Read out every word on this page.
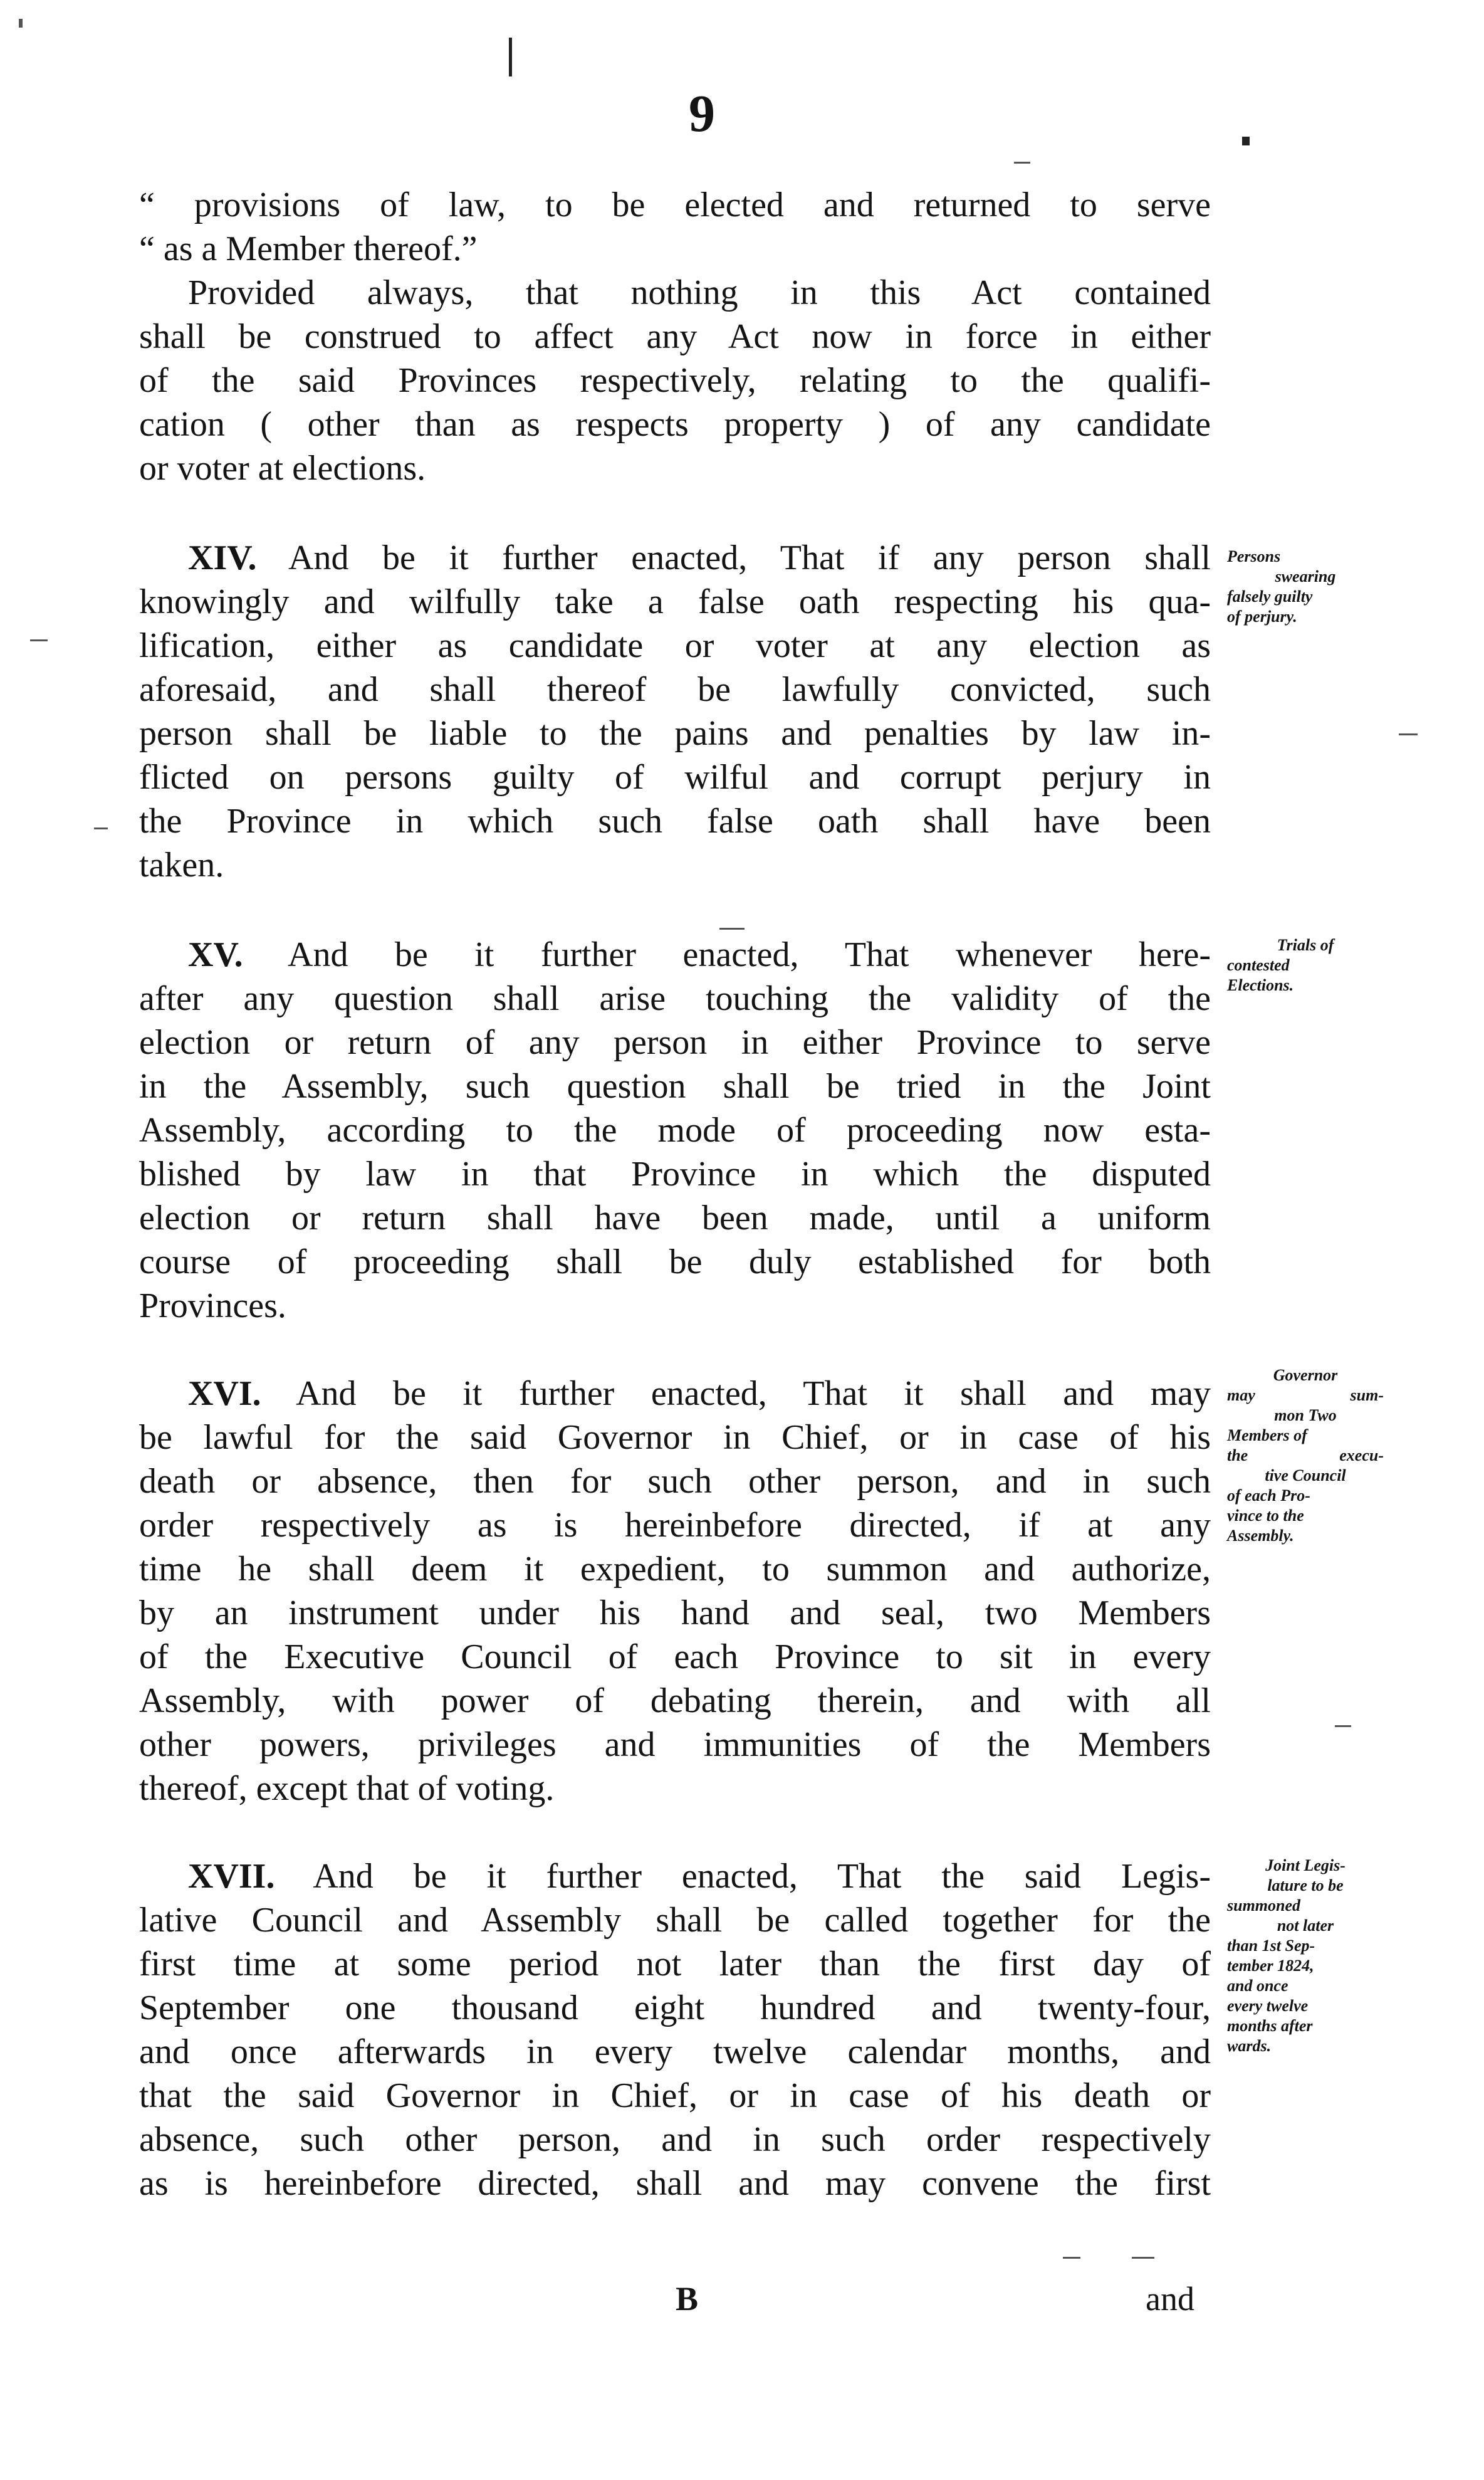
9
“ provisions of law, to be elected and returned to serve
“ as a Member thereof.”
Provided always, that nothing in this Act contained
shall be construed to affect any Act now in force in either
of the said Provinces respectively, relating to the qualifi-
cation ( other than as respects property ) of any candidate
or voter at elections.
XIV. And be it further enacted, That if any person shall
knowingly and wilfully take a false oath respecting his qua-
lification, either as candidate or voter at any election as
aforesaid, and shall thereof be lawfully convicted, such
person shall be liable to the pains and penalties by law in-
flicted on persons guilty of wilful and corrupt perjury in
the Province in which such false oath shall have been
taken.
Persons
swearing
falsely guilty
of perjury.
XV. And be it further enacted, That whenever here-
after any question shall arise touching the validity of the
election or return of any person in either Province to serve
in the Assembly, such question shall be tried in the Joint
Assembly, according to the mode of proceeding now esta-
blished by law in that Province in which the disputed
election or return shall have been made, until a uniform
course of proceeding shall be duly established for both
Provinces.
Trials of
contested
Elections.
XVI. And be it further enacted, That it shall and may
be lawful for the said Governor in Chief, or in case of his
death or absence, then for such other person, and in such
order respectively as is hereinbefore directed, if at any
time he shall deem it expedient, to summon and authorize,
by an instrument under his hand and seal, two Members
of the Executive Council of each Province to sit in every
Assembly, with power of debating therein, and with all
other powers, privileges and immunities of the Members
thereof, except that of voting.
Governor
may sum-
mon Two
Members of
the execu-
tive Council
of each Pro-
vince to the
Assembly.
XVII. And be it further enacted, That the said Legis-
lative Council and Assembly shall be called together for the
first time at some period not later than the first day of
September one thousand eight hundred and twenty-four,
and once afterwards in every twelve calendar months, and
that the said Governor in Chief, or in case of his death or
absence, such other person, and in such order respectively
as is hereinbefore directed, shall and may convene the first
Joint Legis-
lature to be
summoned
not later
than 1st Sep-
tember 1824,
and once
every twelve
months after
wards.
B	and
